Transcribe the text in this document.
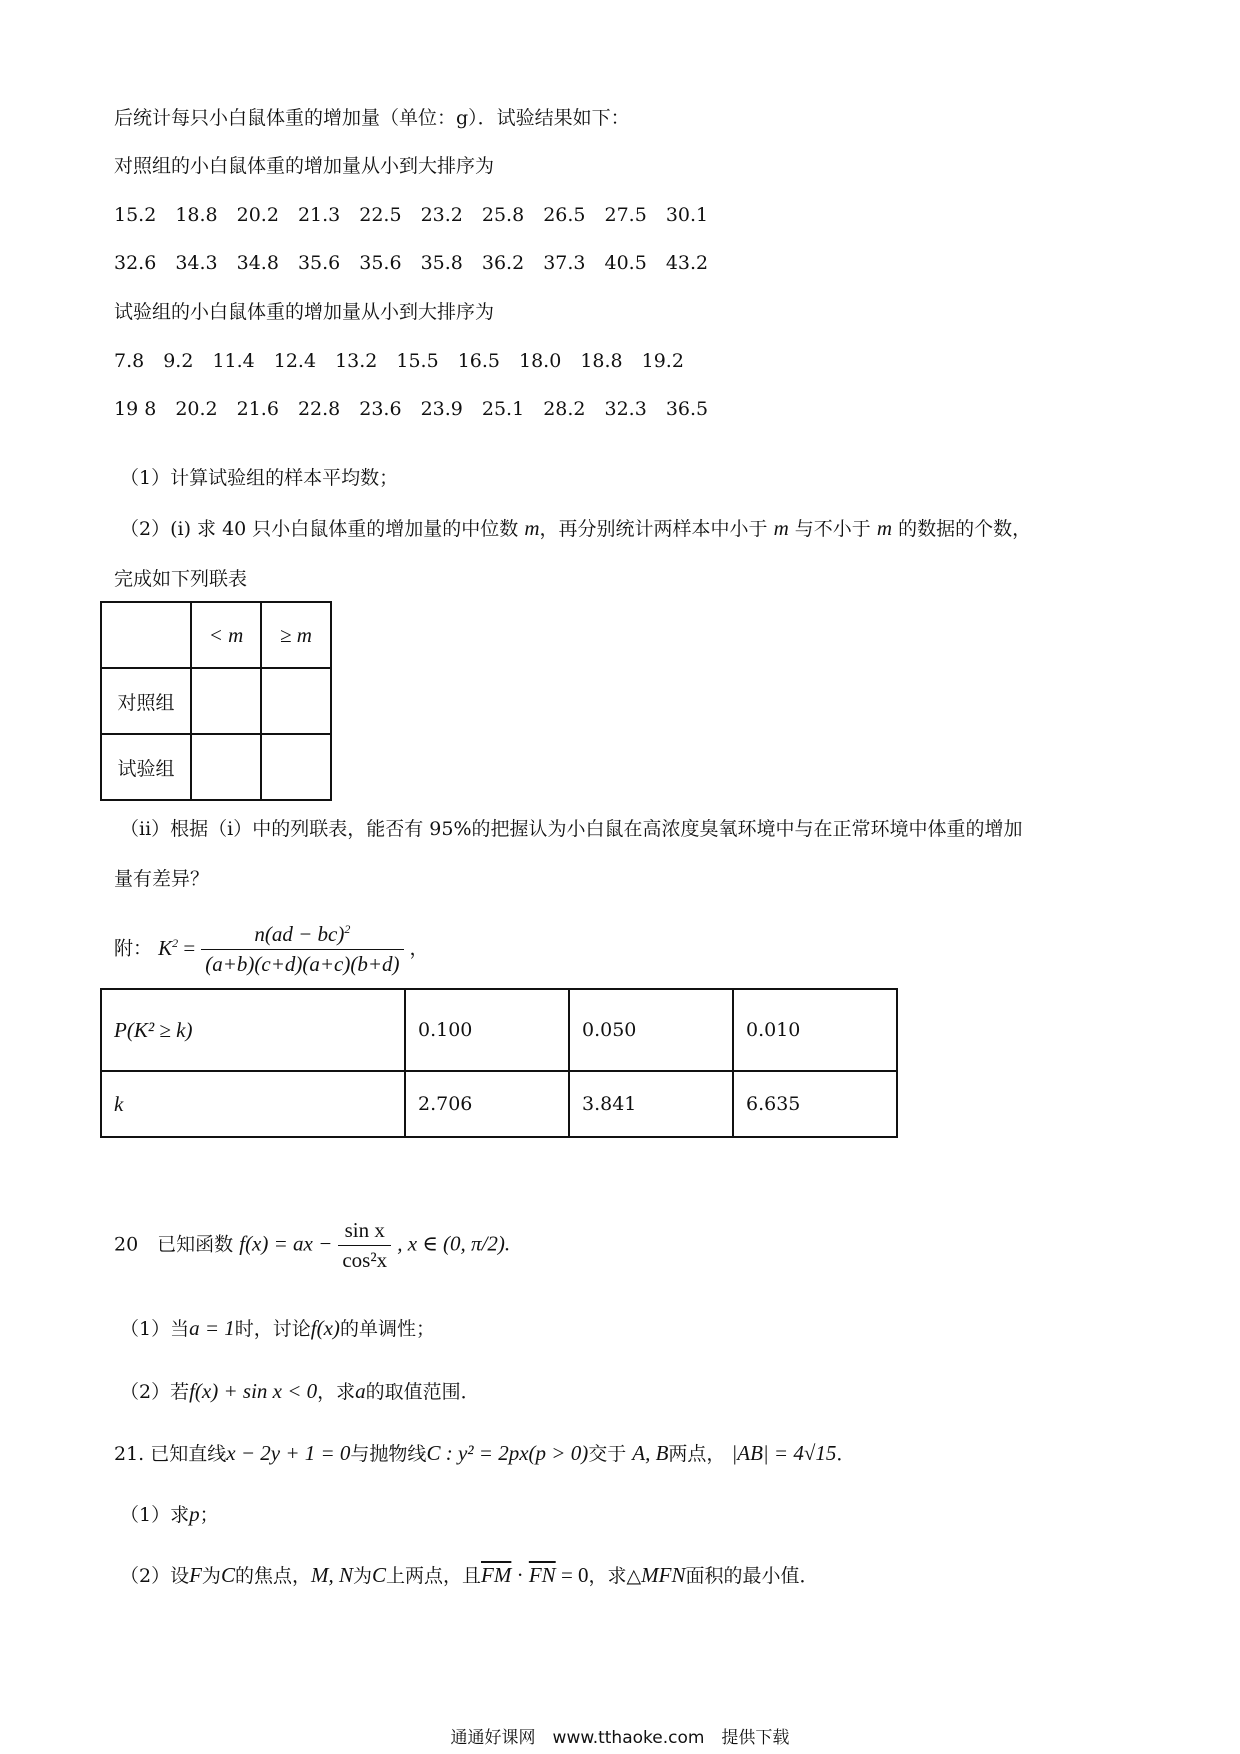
后统计每只小白鼠体重的增加量（单位：g）．试验结果如下：
对照组的小白鼠体重的增加量从小到大排序为
15.2 18.8 20.2 21.3 22.5 23.2 25.8 26.5 27.5 30.1
32.6 34.3 34.8 35.6 35.6 35.8 36.2 37.3 40.5 43.2
试验组的小白鼠体重的增加量从小到大排序为
7.8 9.2 11.4 12.4 13.2 15.5 16.5 18.0 18.8 19.2
19 8 20.2 21.6 22.8 23.6 23.9 25.1 28.2 32.3 36.5
（1）计算试验组的样本平均数；
（2）(i) 求 40 只小白鼠体重的增加量的中位数 m，再分别统计两样本中小于 m 与不小于 m 的数据的个数，
完成如下列联表
	< m	≥ m
对照组		
试验组		
（ii）根据（i）中的列联表，能否有 95%的把握认为小白鼠在高浓度臭氧环境中与在正常环境中体重的增加
量有差异？
附： $K^2 = \frac{n(ad - bc)^2}{(a+b)(c+d)(a+c)(b+d)}$ ，
P(K² ≥ k)	0.100	0.050	0.010
k	2.706	3.841	6.635
20　已知函数 f(x) = ax − $\frac{\text{sin x}}{\text{cos²x}}$ , x ∈ (0, π/2).
（1）当a = 1时，讨论f(x)的单调性；
（2）若f(x) + sin x < 0，求a的取值范围．
21. 已知直线x − 2y + 1 = 0与抛物线C : y² = 2px(p > 0)交于 A, B两点， |AB| = 4√15．
（1）求p；
（2）设F为C的焦点，M, N为C上两点，且$\overline{FM} \cdot \overline{FN} = 0$，求△MFN面积的最小值．
通通好课网　www.tthaoke.com　提供下载
